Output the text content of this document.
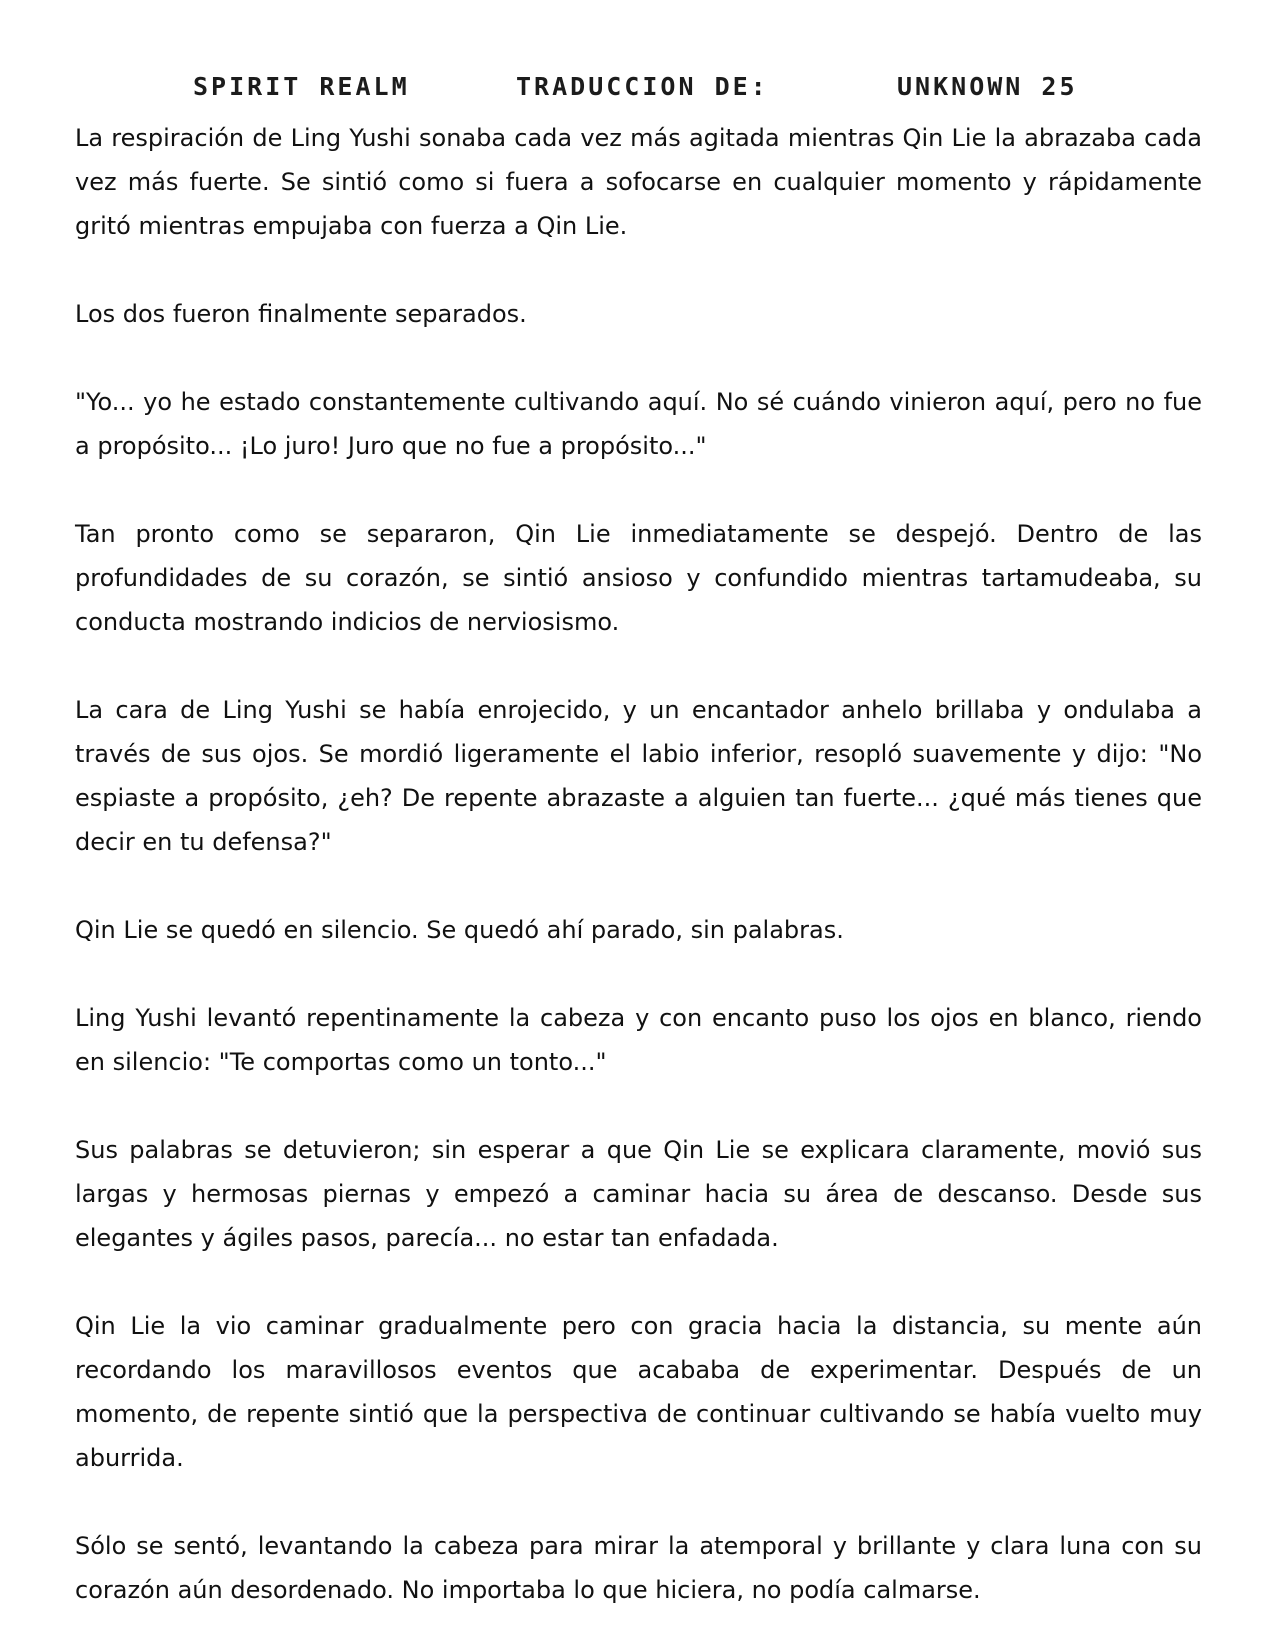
SPIRIT REALM	TRADUCCION DE:	UNKNOWN 25

La respiración de Ling Yushi sonaba cada vez más agitada mientras Qin Lie la abrazaba cada vez más fuerte. Se sintió como si fuera a sofocarse en cualquier momento y rápidamente gritó mientras empujaba con fuerza a Qin Lie.

Los dos fueron finalmente separados.

"Yo... yo he estado constantemente cultivando aquí. No sé cuándo vinieron aquí, pero no fue a propósito... ¡Lo juro! Juro que no fue a propósito..."

Tan pronto como se separaron, Qin Lie inmediatamente se despejó. Dentro de las profundidades de su corazón, se sintió ansioso y confundido mientras tartamudeaba, su conducta mostrando indicios de nerviosismo.

La cara de Ling Yushi se había enrojecido, y un encantador anhelo brillaba y ondulaba a través de sus ojos. Se mordió ligeramente el labio inferior, resopló suavemente y dijo: "No espiaste a propósito, ¿eh? De repente abrazaste a alguien tan fuerte... ¿qué más tienes que decir en tu defensa?"

Qin Lie se quedó en silencio. Se quedó ahí parado, sin palabras.

Ling Yushi levantó repentinamente la cabeza y con encanto puso los ojos en blanco, riendo en silencio: "Te comportas como un tonto..."

Sus palabras se detuvieron; sin esperar a que Qin Lie se explicara claramente, movió sus largas y hermosas piernas y empezó a caminar hacia su área de descanso. Desde sus elegantes y ágiles pasos, parecía... no estar tan enfadada.

Qin Lie la vio caminar gradualmente pero con gracia hacia la distancia, su mente aún recordando los maravillosos eventos que acababa de experimentar. Después de un momento, de repente sintió que la perspectiva de continuar cultivando se había vuelto muy aburrida.

Sólo se sentó, levantando la cabeza para mirar la atemporal y brillante y clara luna con su corazón aún desordenado. No importaba lo que hiciera, no podía calmarse.
